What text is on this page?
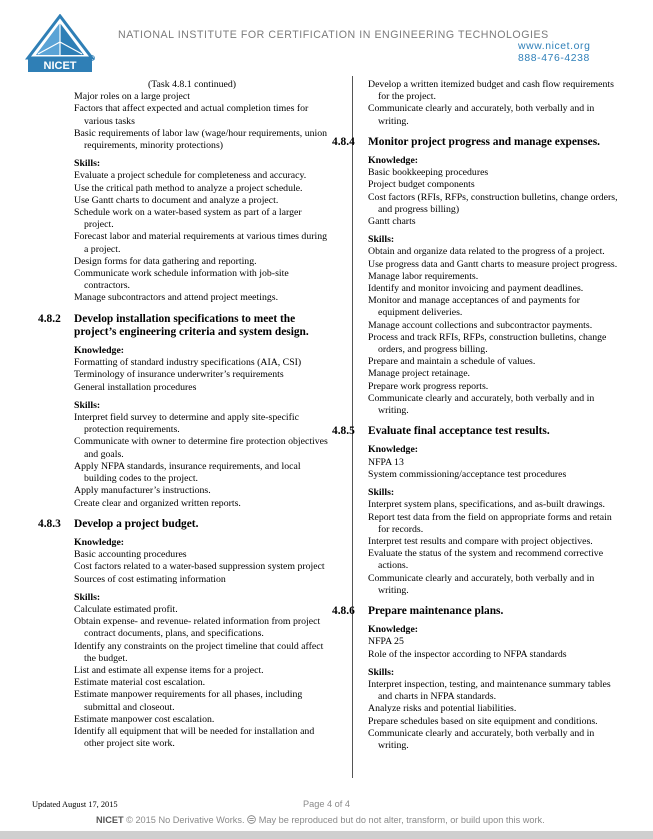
NICET
NATIONAL INSTITUTE FOR CERTIFICATION IN ENGINEERING TECHNOLOGIES
www.nicet.org
888-476-4238
(Task 4.8.1 continued)
Major roles on a large project
Factors that affect expected and actual completion times for various tasks
Basic requirements of labor law (wage/hour requirements, union requirements, minority protections)
Skills:
Evaluate a project schedule for completeness and accuracy.
Use the critical path method to analyze a project schedule.
Use Gantt charts to document and analyze a project.
Schedule work on a water-based system as part of a larger project.
Forecast labor and material requirements at various times during a project.
Design forms for data gathering and reporting.
Communicate work schedule information with job-site contractors.
Manage subcontractors and attend project meetings.
4.8.2	Develop installation specifications to meet the project’s engineering criteria and system design.
Knowledge:
Formatting of standard industry specifications (AIA, CSI)
Terminology of insurance underwriter’s requirements
General installation procedures
Skills:
Interpret field survey to determine and apply site-specific protection requirements.
Communicate with owner to determine fire protection objectives and goals.
Apply NFPA standards, insurance requirements, and local building codes to the project.
Apply manufacturer’s instructions.
Create clear and organized written reports.
4.8.3	Develop a project budget.
Knowledge:
Basic accounting procedures
Cost factors related to a water-based suppression system project
Sources of cost estimating information
Skills:
Calculate estimated profit.
Obtain expense- and revenue- related information from project contract documents, plans, and specifications.
Identify any constraints on the project timeline that could affect the budget.
List and estimate all expense items for a project.
Estimate material cost escalation.
Estimate manpower requirements for all phases, including submittal and closeout.
Estimate manpower cost escalation.
Identify all equipment that will be needed for installation and other project site work.
Develop a written itemized budget and cash flow requirements for the project.
Communicate clearly and accurately, both verbally and in writing.
4.8.4	Monitor project progress and manage expenses.
Knowledge:
Basic bookkeeping procedures
Project budget components
Cost factors (RFIs, RFPs, construction bulletins, change orders, and progress billing)
Gantt charts
Skills:
Obtain and organize data related to the progress of a project.
Use progress data and Gantt charts to measure project progress.
Manage labor requirements.
Identify and monitor invoicing and payment deadlines.
Monitor and manage acceptances of and payments for equipment deliveries.
Manage account collections and subcontractor payments.
Process and track RFIs, RFPs, construction bulletins, change orders, and progress billing.
Prepare and maintain a schedule of values.
Manage project retainage.
Prepare work progress reports.
Communicate clearly and accurately, both verbally and in writing.
4.8.5	Evaluate final acceptance test results.
Knowledge:
NFPA 13
System commissioning/acceptance test procedures
Skills:
Interpret system plans, specifications, and as-built drawings.
Report test data from the field on appropriate forms and retain for records.
Interpret test results and compare with project objectives.
Evaluate the status of the system and recommend corrective actions.
Communicate clearly and accurately, both verbally and in writing.
4.8.6	Prepare maintenance plans.
Knowledge:
NFPA 25
Role of the inspector according to NFPA standards
Skills:
Interpret inspection, testing, and maintenance summary tables and charts in NFPA standards.
Analyze risks and potential liabilities.
Prepare schedules based on site equipment and conditions.
Communicate clearly and accurately, both verbally and in writing.
Updated August 17, 2015	Page 4 of 4
NICET © 2015 No Derivative Works. May be reproduced but do not alter, transform, or build upon this work.
